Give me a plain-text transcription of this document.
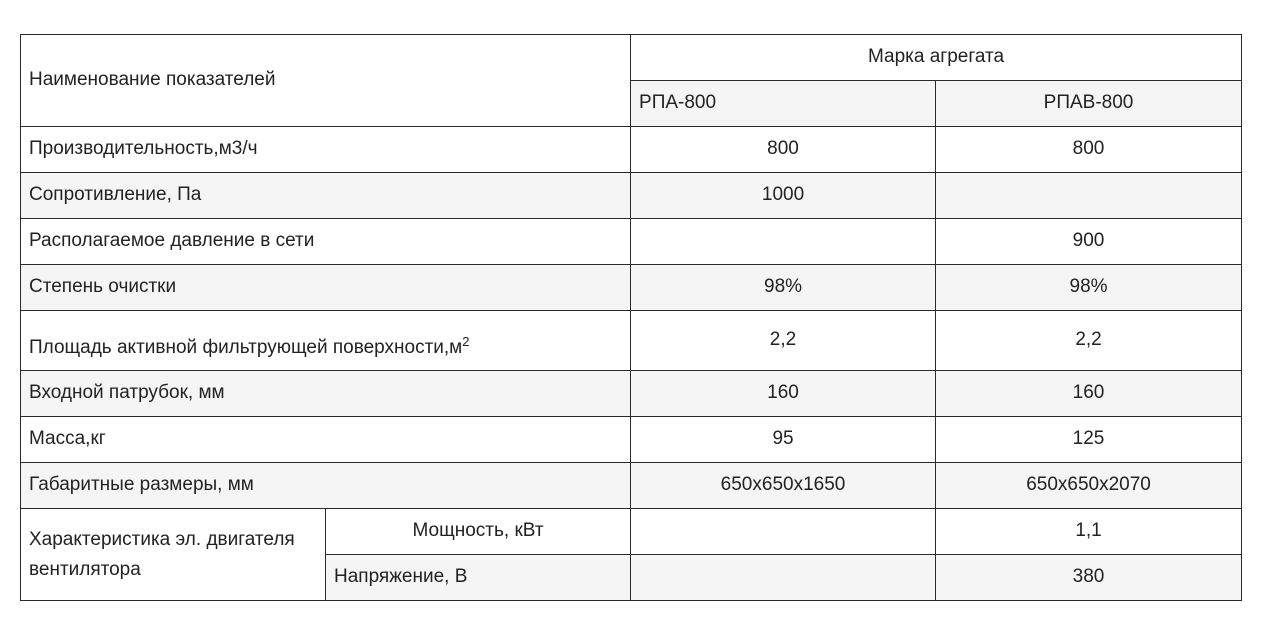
Наименование показателей		Марка агрегата	
		РПА-800	РПАВ-800
Производительность,м3/ч		800	800
Сопротивление, Па		1000	
Располагаемое давление в сети			900
Степень очистки		98%	98%
Площадь активной фильтрующей $поверхности,м^2$		2,2	2,2
Входной патрубок, мм		160	160
Масса,кг		95	125
Габаритные размеры, мм		650x650x1650	650x650x2070
Характеристика эл. двигателя вентилятора	Мощность, кВт		1,1
	Напряжение, В		380
